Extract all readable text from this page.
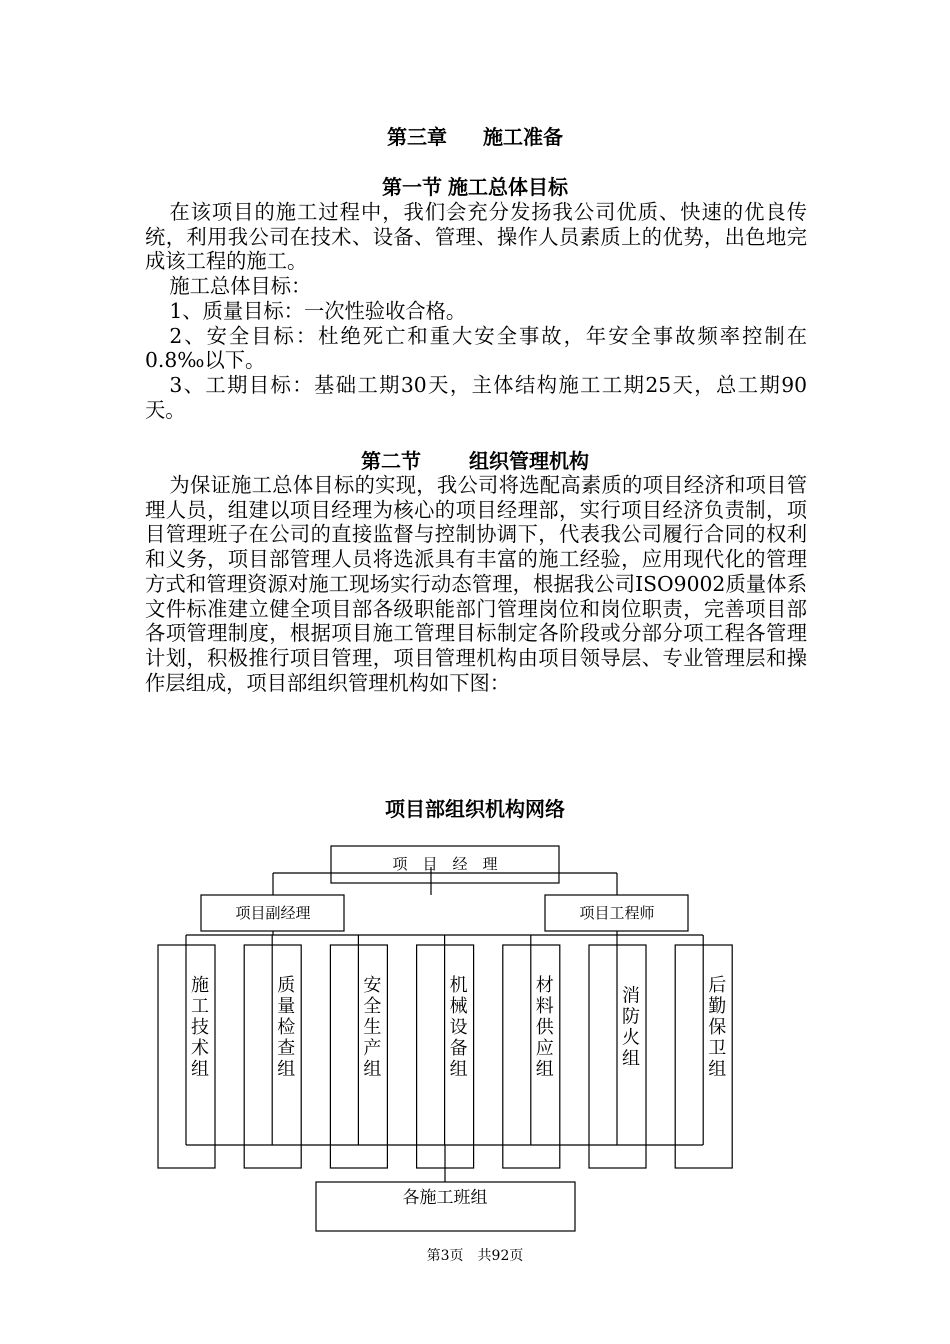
第三章 施工准备
第一节 施工总体目标

在该项目的施工过程中，我们会充分发扬我公司优质、快速的优良传统，利用我公司在技术、设备、管理、操作人员素质上的优势，出色地完成该工程的施工。

施工总体目标：

1、质量目标：一次性验收合格。

2、安全目标：杜绝死亡和重大安全事故，年安全事故频率控制在0.8‰以下。

3、工期目标：基础工期30天，主体结构施工工期25天，总工期90天。

第二节 组织管理机构

为保证施工总体目标的实现，我公司将选配高素质的项目经济和项目管理人员，组建以项目经理为核心的项目经理部，实行项目经济负责制，项目管理班子在公司的直接监督与控制协调下，代表我公司履行合同的权利和义务，项目部管理人员将选派具有丰富的施工经验，应用现代化的管理方式和管理资源对施工现场实行动态管理，根据我公司ISO9002质量体系文件标准建立健全项目部各级职能部门管理岗位和岗位职责，完善项目部各项管理制度，根据项目施工管理目标制定各阶段或分部分项工程各管理计划，积极推行项目管理，项目管理机构由项目领导层、专业管理层和操作层组成，项目部组织管理机构如下图：

项目部组织机构网络
项　目　经　理
项目副经理	项目工程师
各施工班组
施工技术组
质量检查组
安全生产组
机械设备组
材料供应组
消防火组
后勤保卫组
第3页　共92页
